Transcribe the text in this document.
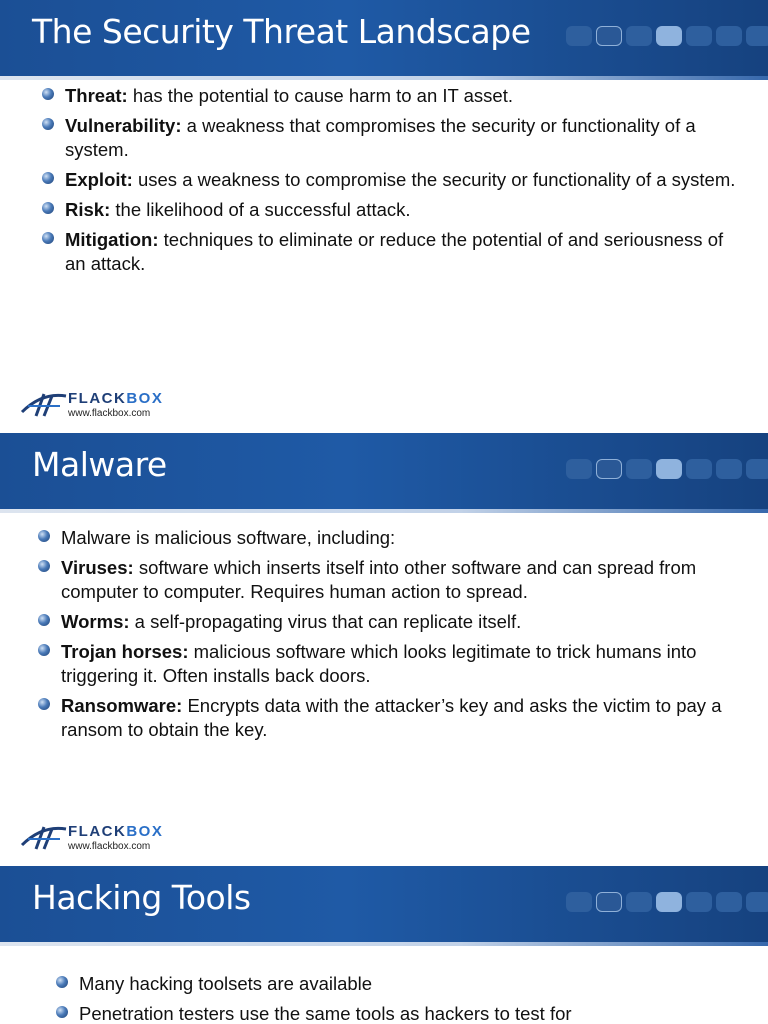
The Security Threat Landscape
Threat: has the potential to cause harm to an IT asset.
Vulnerability: a weakness that compromises the security or functionality of a system.
Exploit: uses a weakness to compromise the security or functionality of a system.
Risk: the likelihood of a successful attack.
Mitigation: techniques to eliminate or reduce the potential of and seriousness of an attack.
FLACKBOX
www.flackbox.com
Malware
Malware is malicious software, including:
Viruses: software which inserts itself into other software and can spread from computer to computer. Requires human action to spread.
Worms: a self-propagating virus that can replicate itself.
Trojan horses: malicious software which looks legitimate to trick humans into triggering it. Often installs back doors.
Ransomware: Encrypts data with the attacker’s key and asks the victim to pay a ransom to obtain the key.
FLACKBOX
www.flackbox.com
Hacking Tools
Many hacking toolsets are available
Penetration testers use the same tools as hackers to test for
